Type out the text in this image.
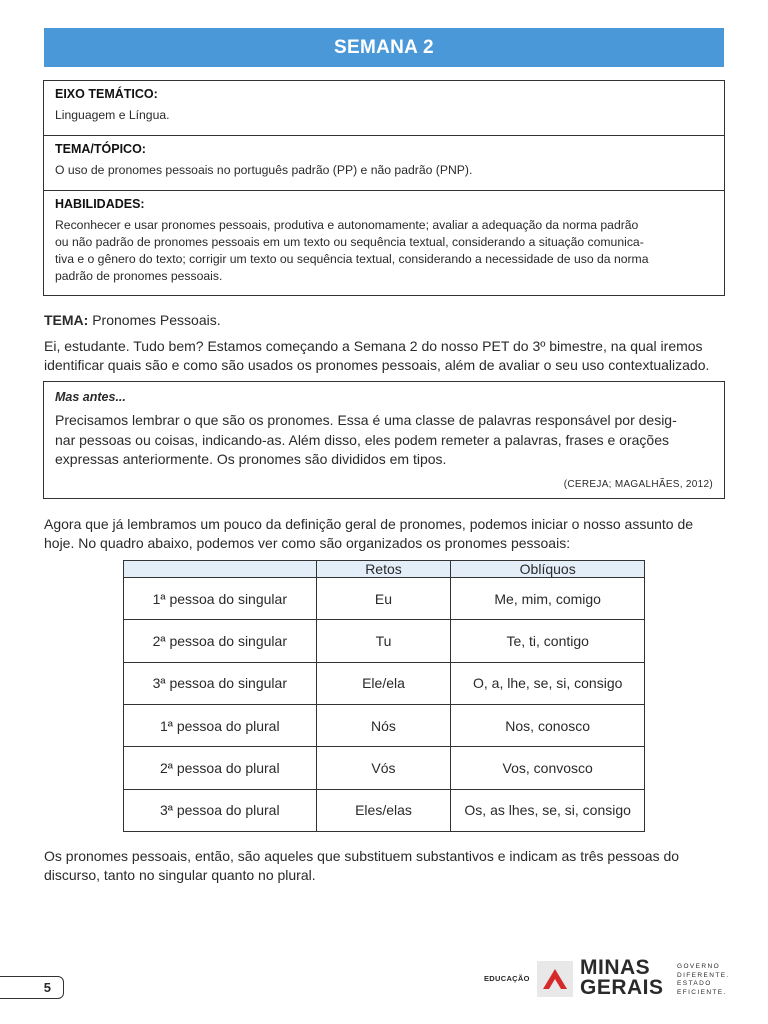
SEMANA 2
EIXO TEMÁTICO:
Linguagem e Língua.
TEMA/TÓPICO:
O uso de pronomes pessoais no português padrão (PP) e não padrão (PNP).
HABILIDADES:
Reconhecer e usar pronomes pessoais, produtiva e autonomamente; avaliar a adequação da norma padrão
ou não padrão de pronomes pessoais em um texto ou sequência textual, considerando a situação comunica-
tiva e o gênero do texto; corrigir um texto ou sequência textual, considerando a necessidade de uso da norma
padrão de pronomes pessoais.
TEMA: Pronomes Pessoais.
Ei, estudante. Tudo bem? Estamos começando a Semana 2 do nosso PET do 3º bimestre, na qual iremos
identificar quais são e como são usados os pronomes pessoais, além de avaliar o seu uso contextualizado.
Mas antes...
Precisamos lembrar o que são os pronomes. Essa é uma classe de palavras responsável por desig-
nar pessoas ou coisas, indicando-as. Além disso, eles podem remeter a palavras, frases e orações
expressas anteriormente. Os pronomes são divididos em tipos.
(CEREJA; MAGALHÃES, 2012)
Agora que já lembramos um pouco da definição geral de pronomes, podemos iniciar o nosso assunto de
hoje. No quadro abaixo, podemos ver como são organizados os pronomes pessoais:
	Retos	Oblíquos
1ª pessoa do singular	Eu	Me, mim, comigo
2ª pessoa do singular	Tu	Te, ti, contigo
3ª pessoa do singular	Ele/ela	O, a, lhe, se, si, consigo
1ª pessoa do plural	Nós	Nos, conosco
2ª pessoa do plural	Vós	Vos, convosco
3ª pessoa do plural	Eles/elas	Os, as lhes, se, si, consigo
Os pronomes pessoais, então, são aqueles que substituem substantivos e indicam as três pessoas do
discurso, tanto no singular quanto no plural.
5
EDUCAÇÃO MINAS
GERAIS
GOVERNO
DIFERENTE.
ESTADO
EFICIENTE.
